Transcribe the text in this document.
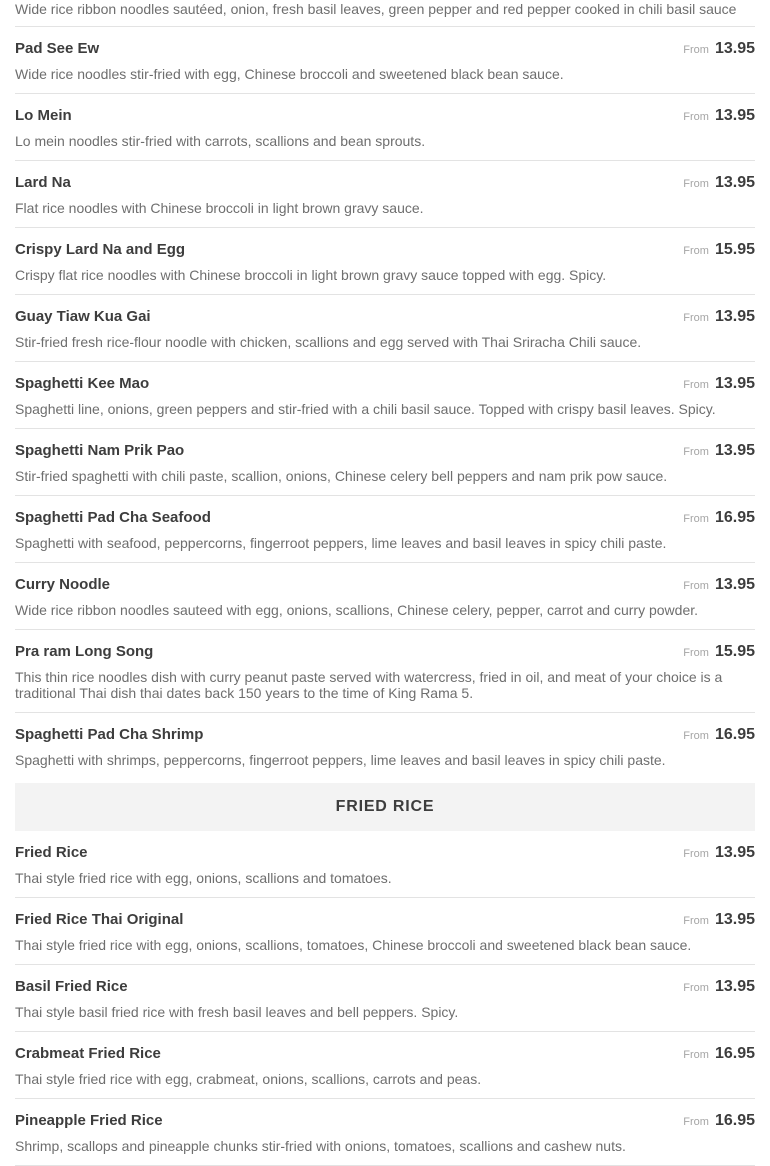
Wide rice ribbon noodles sautéed, onion, fresh basil leaves, green pepper and red pepper cooked in chili basil sauce

Pad See Ew	From 13.95

Wide rice noodles stir-fried with egg, Chinese broccoli and sweetened black bean sauce.

Lo Mein	From 13.95

Lo mein noodles stir-fried with carrots, scallions and bean sprouts.

Lard Na	From 13.95

Flat rice noodles with Chinese broccoli in light brown gravy sauce.

Crispy Lard Na and Egg	From 15.95

Crispy flat rice noodles with Chinese broccoli in light brown gravy sauce topped with egg. Spicy.

Guay Tiaw Kua Gai	From 13.95

Stir-fried fresh rice-flour noodle with chicken, scallions and egg served with Thai Sriracha Chili sauce.

Spaghetti Kee Mao	From 13.95

Spaghetti line, onions, green peppers and stir-fried with a chili basil sauce. Topped with crispy basil leaves. Spicy.

Spaghetti Nam Prik Pao	From 13.95

Stir-fried spaghetti with chili paste, scallion, onions, Chinese celery bell peppers and nam prik pow sauce.

Spaghetti Pad Cha Seafood	From 16.95

Spaghetti with seafood, peppercorns, fingerroot peppers, lime leaves and basil leaves in spicy chili paste.

Curry Noodle	From 13.95

Wide rice ribbon noodles sauteed with egg, onions, scallions, Chinese celery, pepper, carrot and curry powder.

Pra ram Long Song	From 15.95

This thin rice noodles dish with curry peanut paste served with watercress, fried in oil, and meat of your choice is a traditional Thai dish thai dates back 150 years to the time of King Rama 5.

Spaghetti Pad Cha Shrimp	From 16.95

Spaghetti with shrimps, peppercorns, fingerroot peppers, lime leaves and basil leaves in spicy chili paste.

FRIED RICE
Fried Rice	From 13.95

Thai style fried rice with egg, onions, scallions and tomatoes.

Fried Rice Thai Original	From 13.95

Thai style fried rice with egg, onions, scallions, tomatoes, Chinese broccoli and sweetened black bean sauce.

Basil Fried Rice	From 13.95

Thai style basil fried rice with fresh basil leaves and bell peppers. Spicy.

Crabmeat Fried Rice	From 16.95

Thai style fried rice with egg, crabmeat, onions, scallions, carrots and peas.

Pineapple Fried Rice	From 16.95

Shrimp, scallops and pineapple chunks stir-fried with onions, tomatoes, scallions and cashew nuts.
